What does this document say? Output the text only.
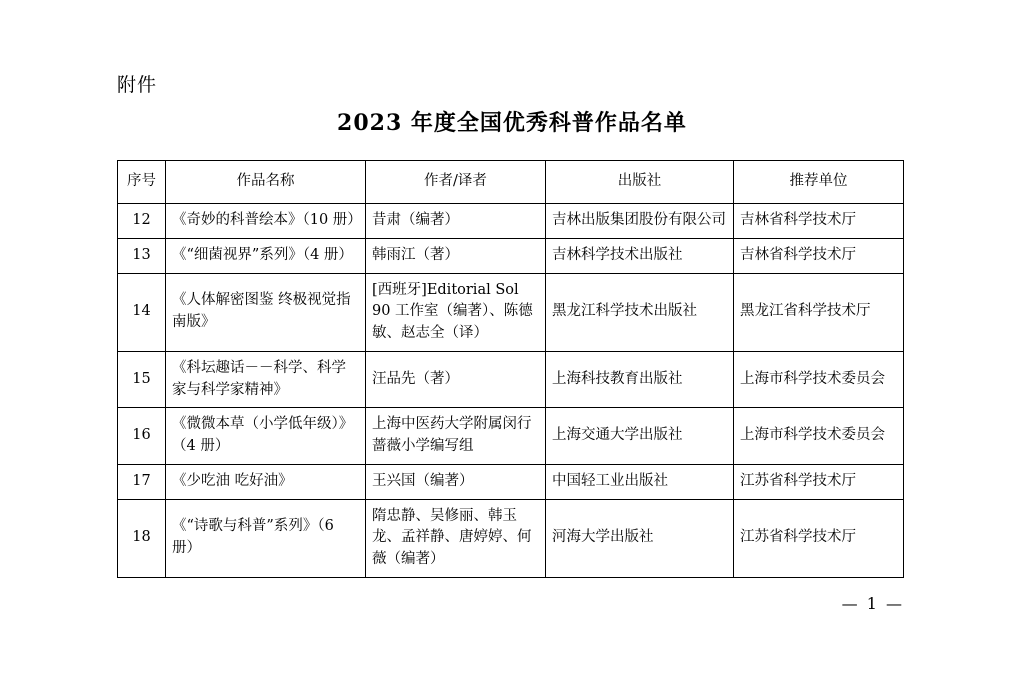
附件
2023 年度全国优秀科普作品名单
序号	作品名称	作者/译者	出版社	推荐单位
12	《奇妙的科普绘本》（10 册）	昔肃（编著）	吉林出版集团股份有限公司	吉林省科学技术厅
13	《“细菌视界”系列》（4 册）	韩雨江（著）	吉林科学技术出版社	吉林省科学技术厅
14	《人体解密图鉴 终极视觉指南版》	[西班牙]Editorial Sol 90 工作室（编著）、陈德敏、赵志全（译）	黑龙江科学技术出版社	黑龙江省科学技术厅
15	《科坛趣话－－科学、科学家与科学家精神》	汪品先（著）	上海科技教育出版社	上海市科学技术委员会
16	《微微本草（小学低年级）》（4 册）	上海中医药大学附属闵行蔷薇小学编写组	上海交通大学出版社	上海市科学技术委员会
17	《少吃油 吃好油》	王兴国（编著）	中国轻工业出版社	江苏省科学技术厅
18	《“诗歌与科普”系列》（6 册）	隋忠静、吴修丽、韩玉龙、孟祥静、唐婷婷、何薇（编著）	河海大学出版社	江苏省科学技术厅
— 1 —
